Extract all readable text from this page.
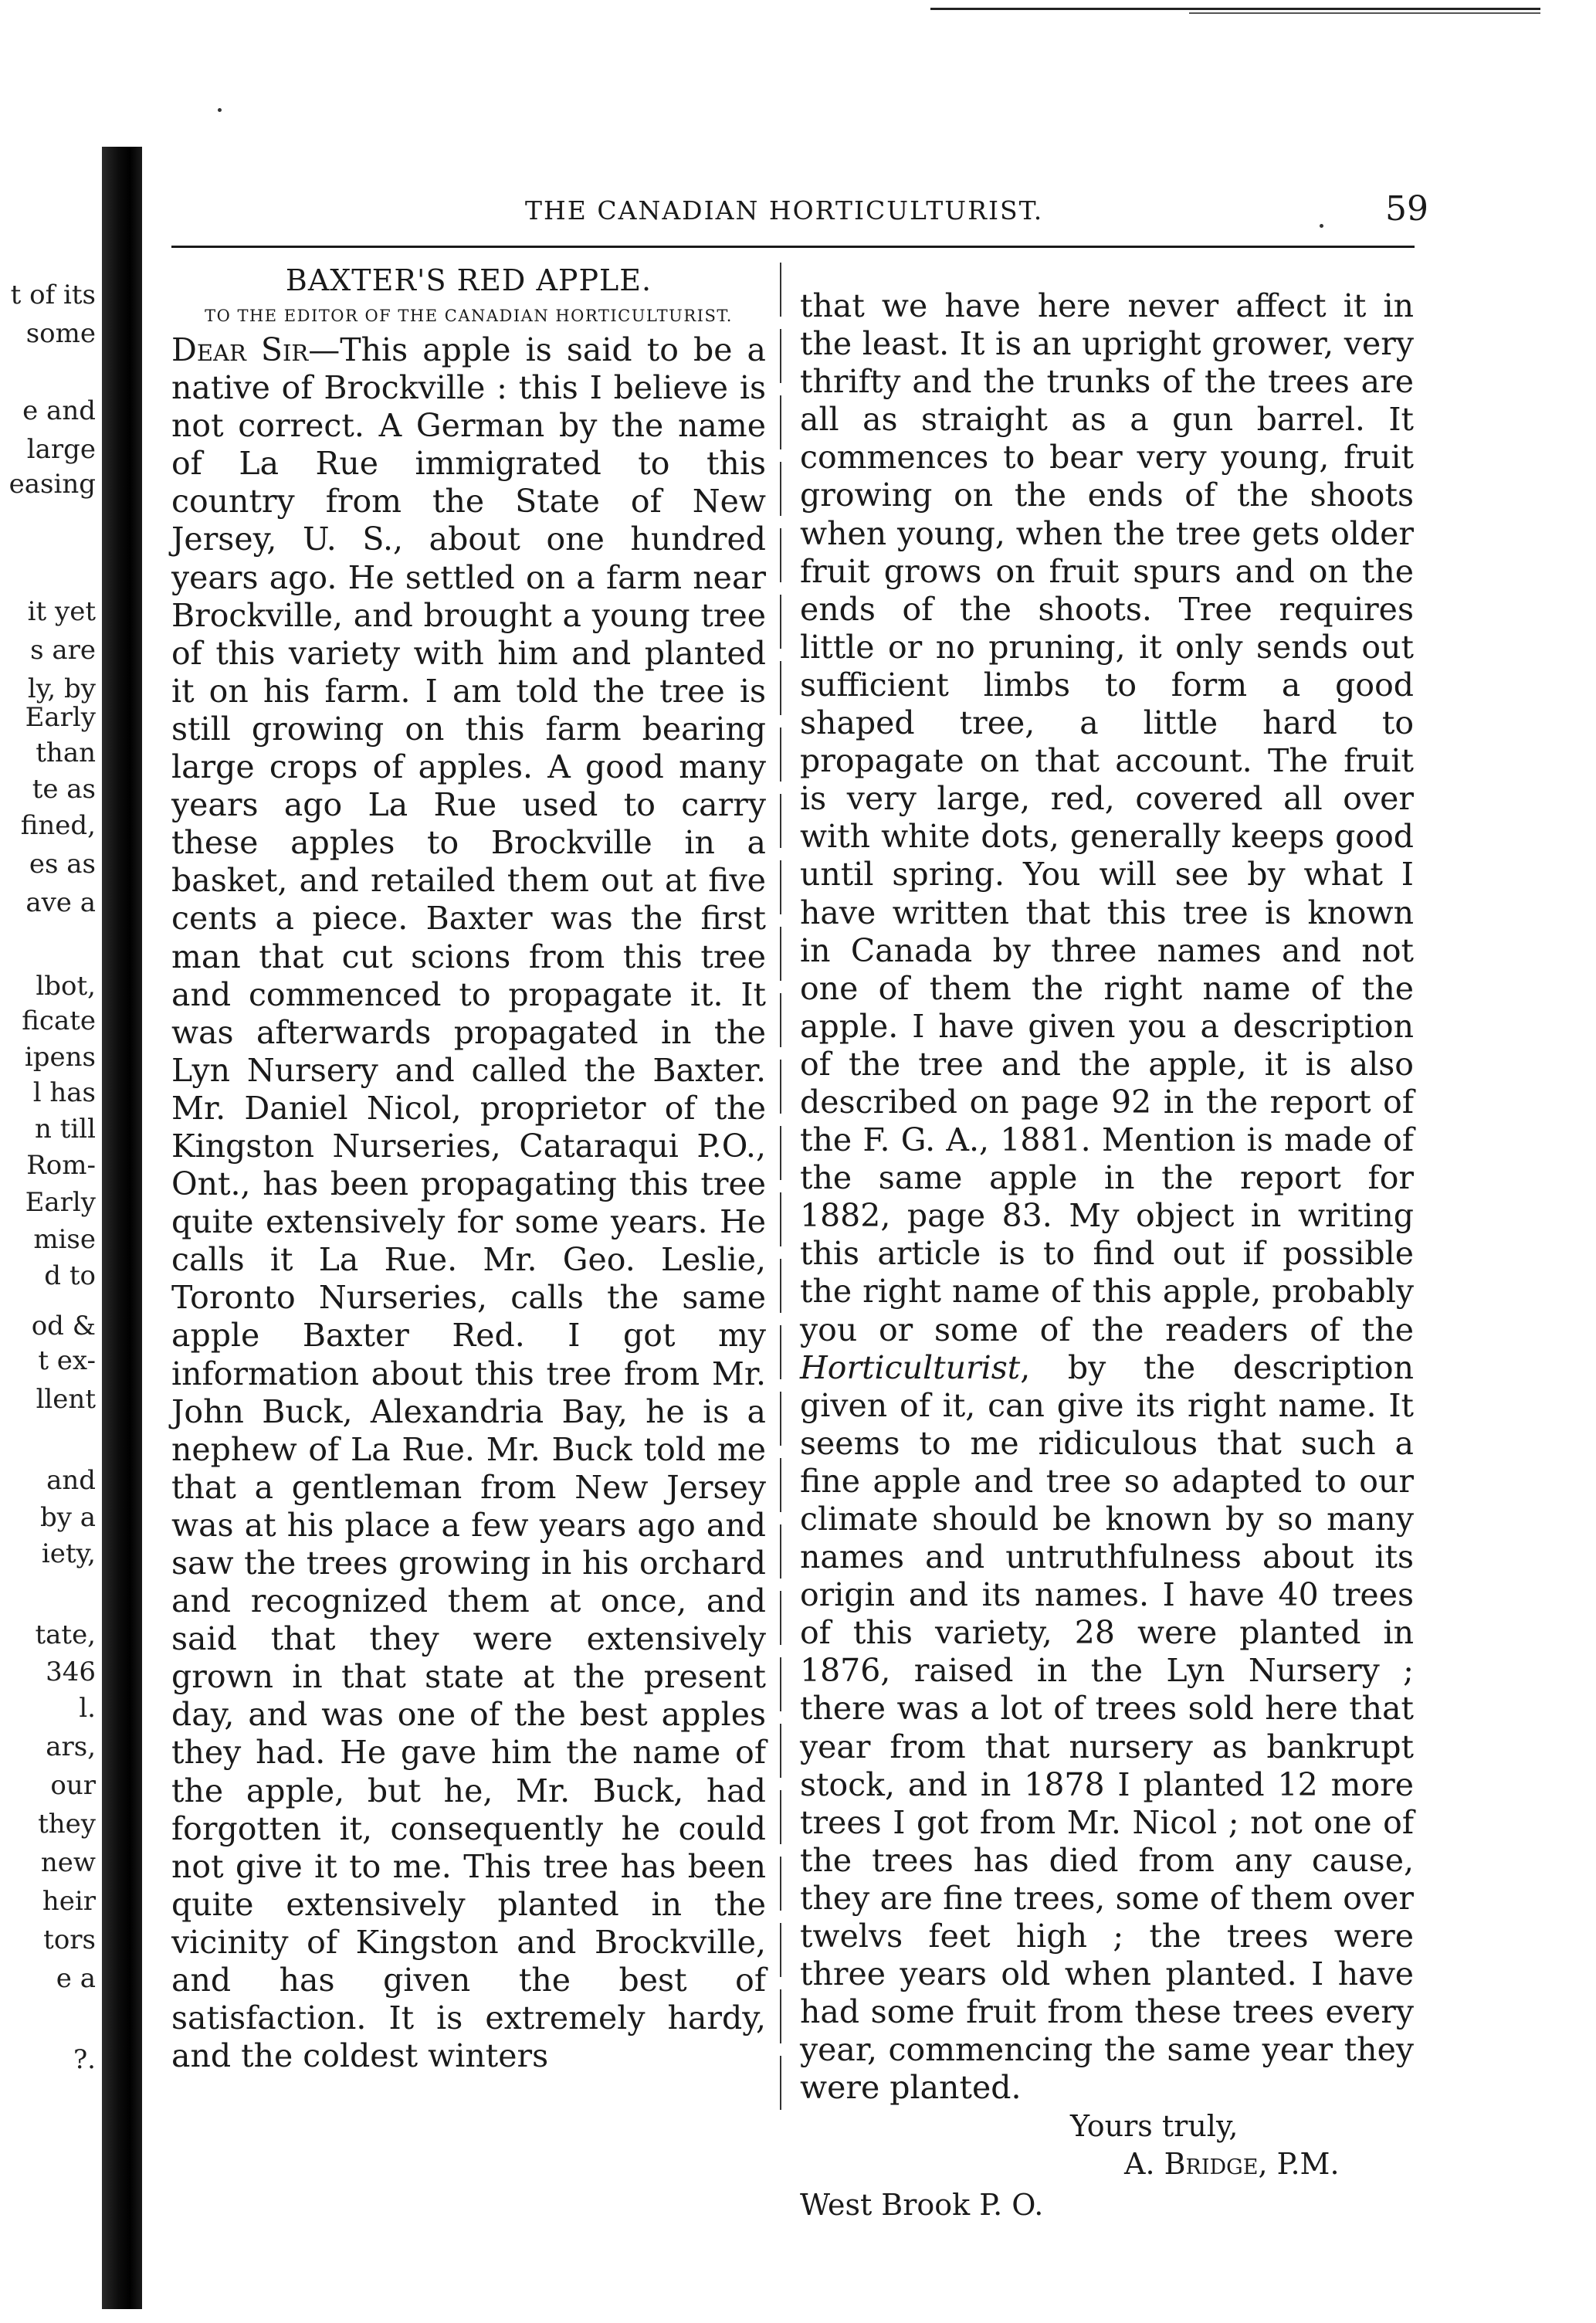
t of its
some
e and
large
easing
it yet
s are
ly, by
Early
than
te as
fined,
es as
ave a
lbot,
ficate
ipens
l has
n till
Rom-
Early
mise
d to
od &
t ex-
llent
and
by a
iety,
tate,
346
l.
ars,
our
they
new
heir
tors
e a
?.
THE CANADIAN HORTICULTURIST.	59

BAXTER'S RED APPLE.

TO THE EDITOR OF THE CANADIAN HORTICULTURIST.

Dear Sir—This apple is said to be a native of Brockville : this I believe is not correct. A German by the name of La Rue immigrated to this country from the State of New Jersey, U. S., about one hundred years ago. He settled on a farm near Brockville, and brought a young tree of this variety with him and planted it on his farm. I am told the tree is still growing on this farm bearing large crops of apples. A good many years ago La Rue used to carry these apples to Brockville in a basket, and retailed them out at five cents a piece. Baxter was the first man that cut scions from this tree and commenced to propagate it. It was afterwards propagated in the Lyn Nursery and called the Baxter. Mr. Daniel Nicol, proprietor of the Kingston Nurseries, Cataraqui P.O., Ont., has been propagating this tree quite extensively for some years. He calls it La Rue. Mr. Geo. Leslie, Toronto Nurseries, calls the same apple Baxter Red. I got my information about this tree from Mr. John Buck, Alexandria Bay, he is a nephew of La Rue. Mr. Buck told me that a gentleman from New Jersey was at his place a few years ago and saw the trees growing in his orchard and recognized them at once, and said that they were extensively grown in that state at the present day, and was one of the best apples they had. He gave him the name of the apple, but he, Mr. Buck, had forgotten it, consequently he could not give it to me. This tree has been quite extensively planted in the vicinity of Kingston and Brockville, and has given the best of satisfaction. It is extremely hardy, and the coldest winters

that we have here never affect it in the least. It is an upright grower, very thrifty and the trunks of the trees are all as straight as a gun barrel. It commences to bear very young, fruit growing on the ends of the shoots when young, when the tree gets older fruit grows on fruit spurs and on the ends of the shoots. Tree requires little or no pruning, it only sends out sufficient limbs to form a good shaped tree, a little hard to propagate on that account. The fruit is very large, red, covered all over with white dots, generally keeps good until spring. You will see by what I have written that this tree is known in Canada by three names and not one of them the right name of the apple. I have given you a description of the tree and the apple, it is also described on page 92 in the report of the F. G. A., 1881. Mention is made of the same apple in the report for 1882, page 83. My object in writing this article is to find out if possible the right name of this apple, probably you or some of the readers of the Horticulturist, by the description given of it, can give its right name. It seems to me ridiculous that such a fine apple and tree so adapted to our climate should be known by so many names and untruthfulness about its origin and its names. I have 40 trees of this variety, 28 were planted in 1876, raised in the Lyn Nursery ; there was a lot of trees sold here that year from that nursery as bankrupt stock, and in 1878 I planted 12 more trees I got from Mr. Nicol ; not one of the trees has died from any cause, they are fine trees, some of them over twelvs feet high ; the trees were three years old when planted. I have had some fruit from these trees every year, commencing the same year they were planted.

Yours truly,
A. Bridge, P.M.
West Brook P. O.
